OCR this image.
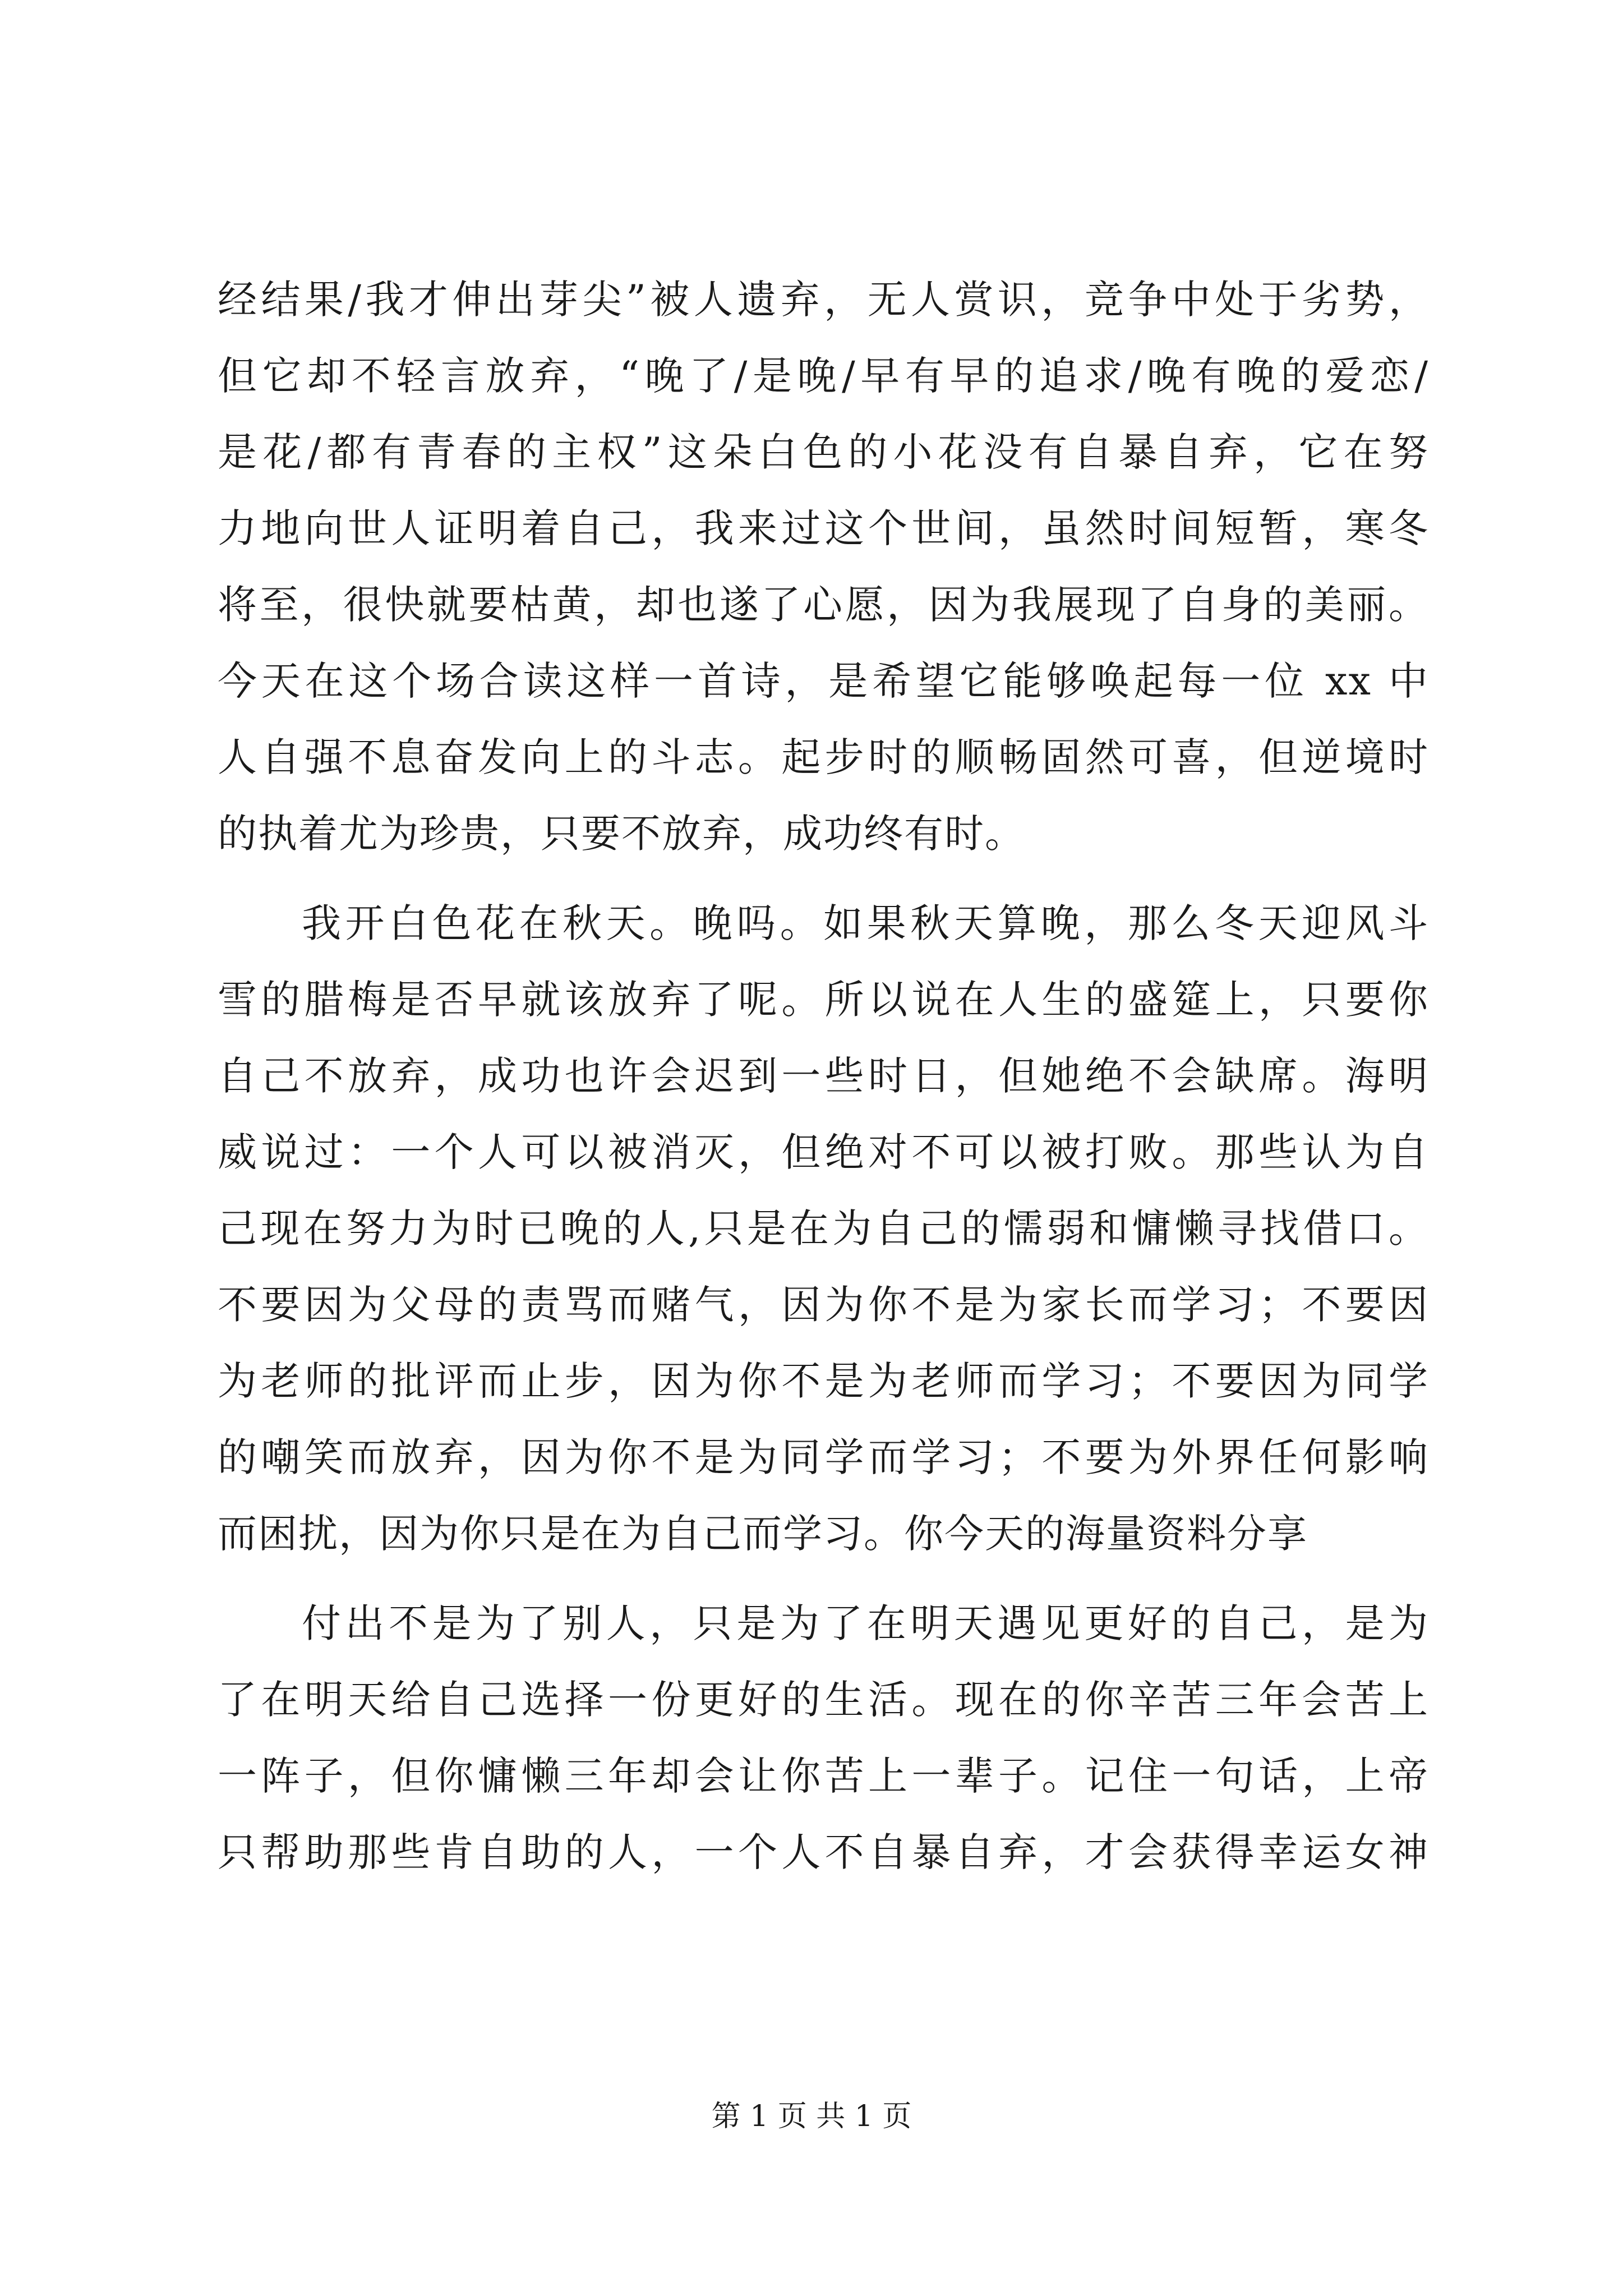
经结果/我才伸出芽尖”被人遗弃，无人赏识，竞争中处于劣势，
但它却不轻言放弃，“晚了/是晚/早有早的追求/晚有晚的爱恋/
是花/都有青春的主权”这朵白色的小花没有自暴自弃，它在努
力地向世人证明着自己，我来过这个世间，虽然时间短暂，寒冬
将至，很快就要枯黄，却也遂了心愿，因为我展现了自身的美丽。
今天在这个场合读这样一首诗，是希望它能够唤起每一位 xx 中
人自强不息奋发向上的斗志。起步时的顺畅固然可喜，但逆境时
的执着尤为珍贵，只要不放弃，成功终有时。
我开白色花在秋天。晚吗。如果秋天算晚，那么冬天迎风斗
雪的腊梅是否早就该放弃了呢。所以说在人生的盛筵上，只要你
自己不放弃，成功也许会迟到一些时日，但她绝不会缺席。海明
威说过：一个人可以被消灭，但绝对不可以被打败。那些认为自
己现在努力为时已晚的人,只是在为自己的懦弱和慵懒寻找借口。
不要因为父母的责骂而赌气，因为你不是为家长而学习；不要因
为老师的批评而止步，因为你不是为老师而学习；不要因为同学
的嘲笑而放弃，因为你不是为同学而学习；不要为外界任何影响
而困扰，因为你只是在为自己而学习。你今天的海量资料分享
付出不是为了别人，只是为了在明天遇见更好的自己，是为
了在明天给自己选择一份更好的生活。现在的你辛苦三年会苦上
一阵子，但你慵懒三年却会让你苦上一辈子。记住一句话，上帝
只帮助那些肯自助的人，一个人不自暴自弃，才会获得幸运女神
第 1 页 共 1 页
